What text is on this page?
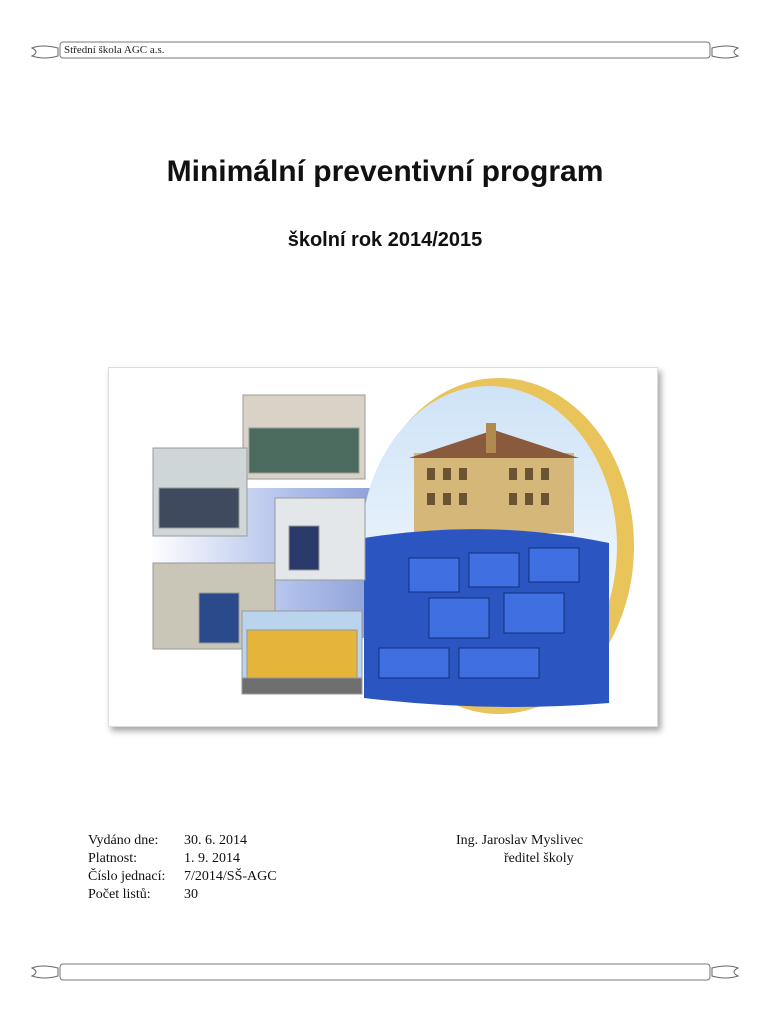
Střední škola AGC a.s.
Minimální preventivní program
školní rok 2014/2015
Vydáno dne:	30. 6. 2014
Platnost:	1. 9. 2014
Číslo jednací:	7/2014/SŠ-AGC
Počet listů:	30
Ing. Jaroslav Myslivec
ředitel školy
